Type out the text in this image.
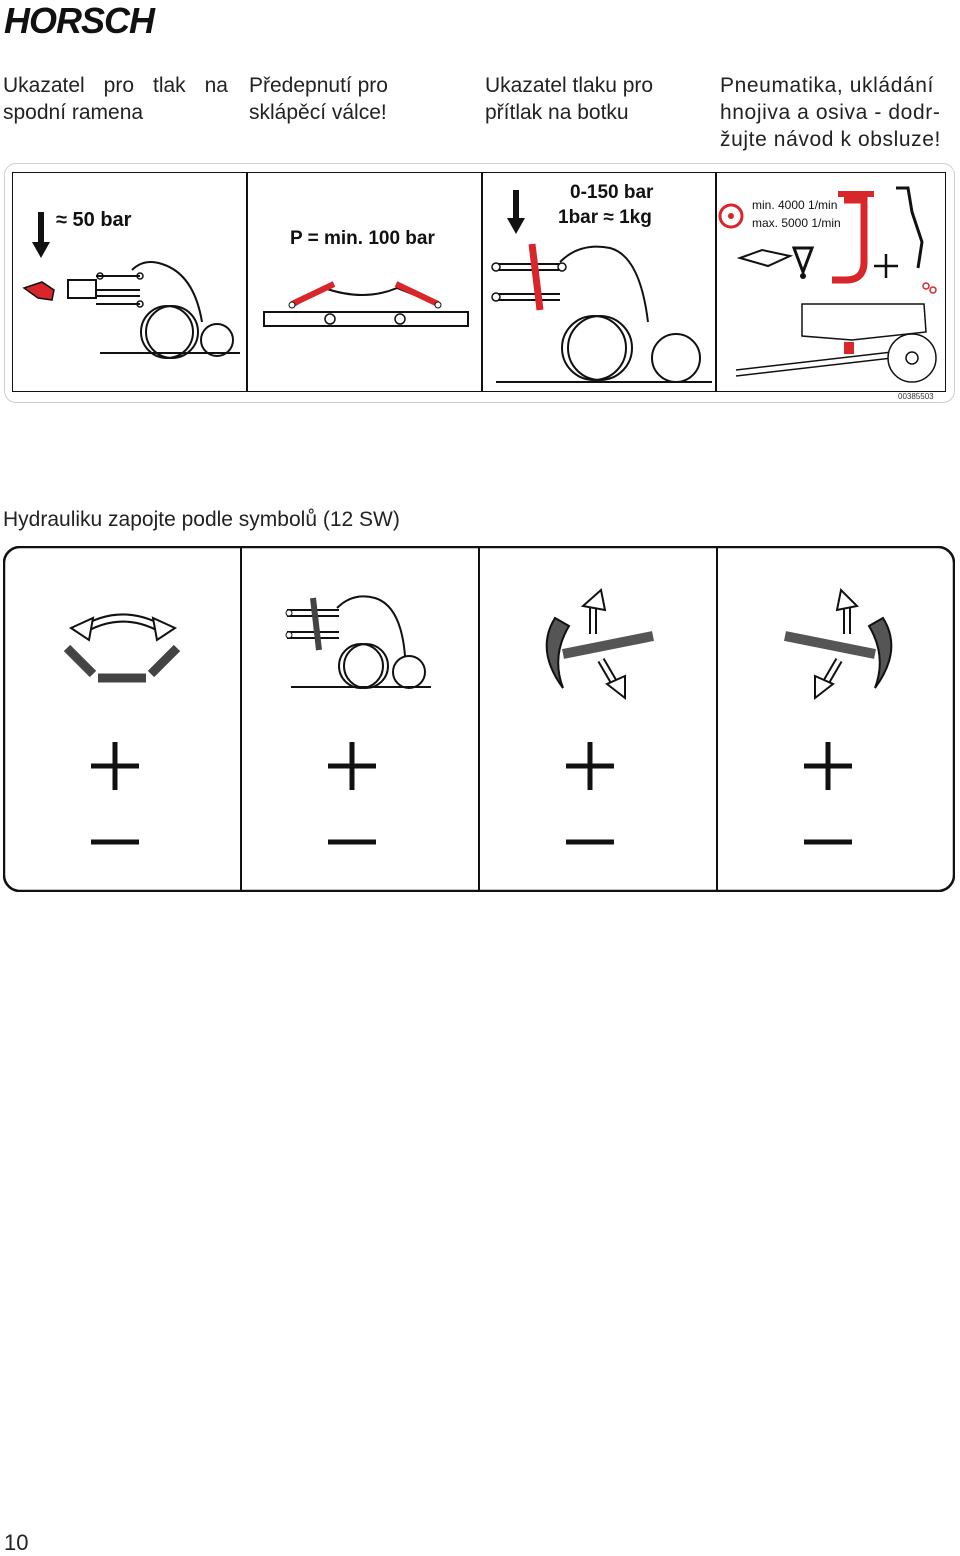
HORSCH
Ukazatel pro tlak na spodní ramena
Předepnutí pro sklápěcí válce!
Ukazatel tlaku pro přítlak na botku
Pneumatika, ukládání hnojiva a osiva - dodr- žujte návod k obsluze!
≈ 50 bar
P = min. 100 bar
0-150 bar
1bar ≈ 1kg
min. 4000 1/min
max. 5000 1/min
00385503
Hydrauliku zapojte podle symbolů (12 SW)
10
